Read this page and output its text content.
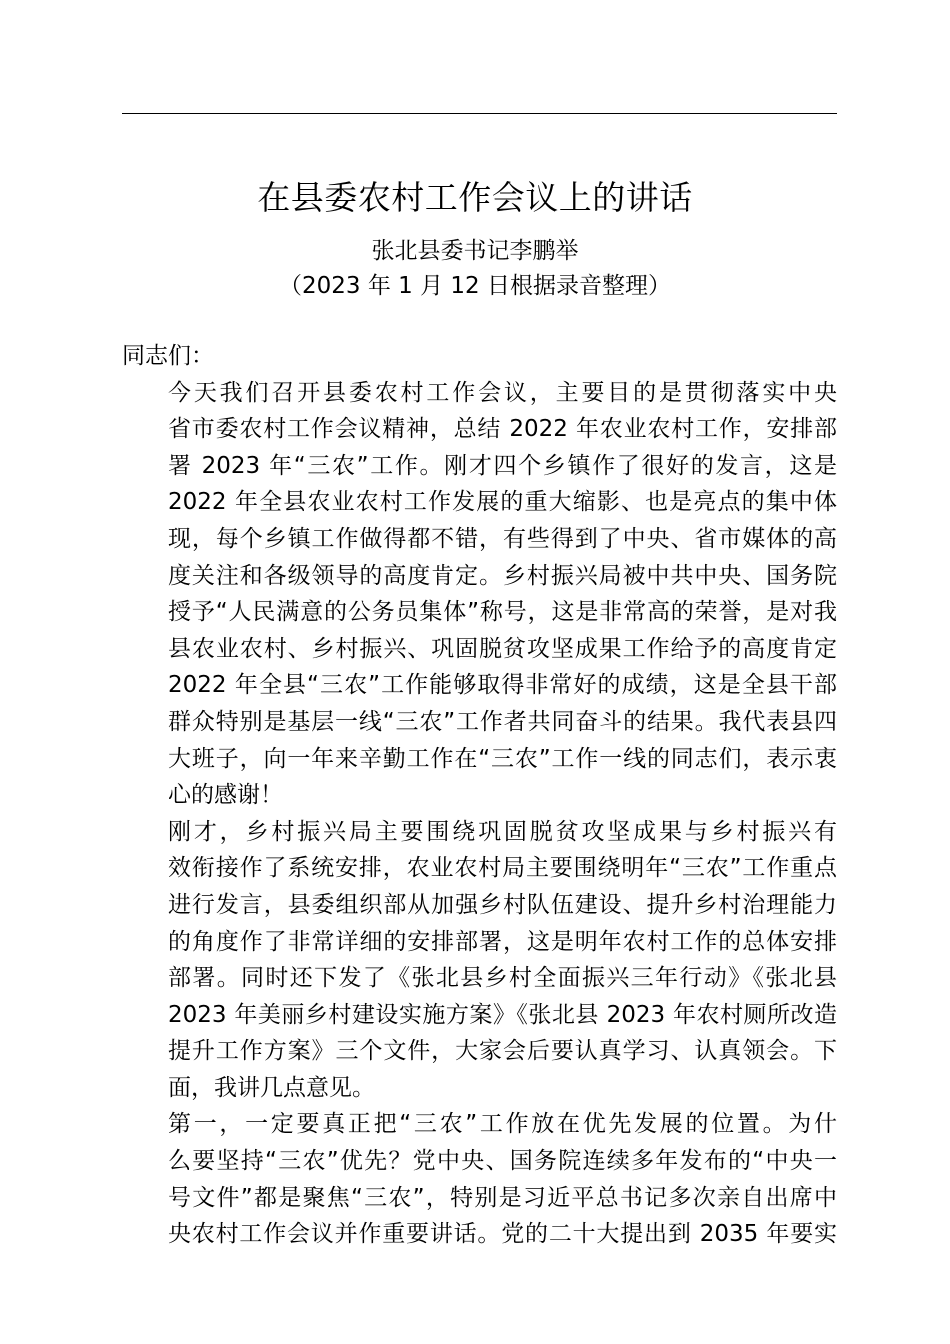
在县委农村工作会议上的讲话
张北县委书记李鹏举
（2023 年 1 月 12 日根据录音整理）
同志们：

今天我们召开县委农村工作会议，主要目的是贯彻落实中央
省市委农村工作会议精神，总结 2022 年农业农村工作，安排部
署 2023 年“三农”工作。刚才四个乡镇作了很好的发言，这是
2022 年全县农业农村工作发展的重大缩影、也是亮点的集中体
现，每个乡镇工作做得都不错，有些得到了中央、省市媒体的高
度关注和各级领导的高度肯定。乡村振兴局被中共中央、国务院
授予“人民满意的公务员集体”称号，这是非常高的荣誉，是对我
县农业农村、乡村振兴、巩固脱贫攻坚成果工作给予的高度肯定
2022 年全县“三农”工作能够取得非常好的成绩，这是全县干部
群众特别是基层一线“三农”工作者共同奋斗的结果。我代表县四
大班子，向一年来辛勤工作在“三农”工作一线的同志们，表示衷
心的感谢！

刚才，乡村振兴局主要围绕巩固脱贫攻坚成果与乡村振兴有
效衔接作了系统安排，农业农村局主要围绕明年“三农”工作重点
进行发言，县委组织部从加强乡村队伍建设、提升乡村治理能力
的角度作了非常详细的安排部署，这是明年农村工作的总体安排
部署。同时还下发了《张北县乡村全面振兴三年行动》《张北县
2023 年美丽乡村建设实施方案》《张北县 2023 年农村厕所改造
提升工作方案》三个文件，大家会后要认真学习、认真领会。下
面，我讲几点意见。

第一，一定要真正把“三农”工作放在优先发展的位置。为什
么要坚持“三农”优先？党中央、国务院连续多年发布的“中央一
号文件”都是聚焦“三农”，特别是习近平总书记多次亲自出席中
央农村工作会议并作重要讲话。党的二十大提出到 2035 年要实
